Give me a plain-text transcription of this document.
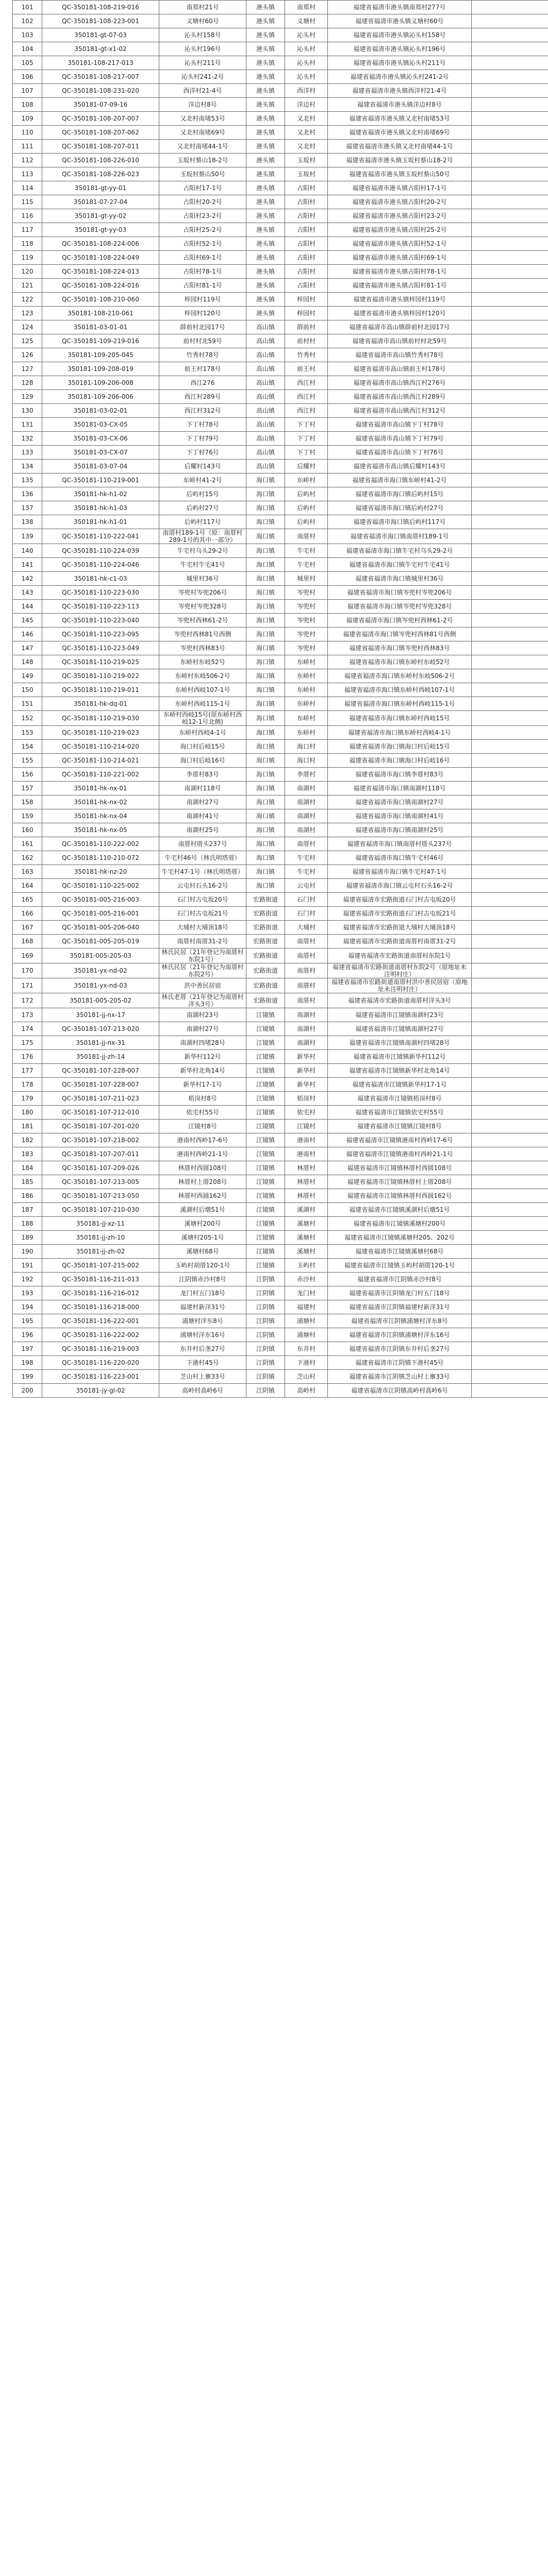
101	QC-350181-108-219-016	南郑村21号	港头镇	南郑村	福建省福清市港头镇南郑村277号	
102	QC-350181-108-223-001	义塘村60号	港头镇	义塘村	福建省福清市港头镇义塘村60号	
103	350181-gt-07-03	沁头村158号	港头镇	沁头村	福建省福清市港头镇沁头村158号	
104	350181-gt-x1-02	沁头村196号	港头镇	沁头村	福建省福清市港头镇沁头村196号	
105	350181-108-217-013	沁头村211号	港头镇	沁头村	福建省福清市港头镇沁头村211号	
106	QC-350181-108-217-007	沁头村241-2号	港头镇	沁头村	福建省福清市港头镇沁头村241-2号	
107	QC-350181-108-231-020	西洋村21-4号	港头镇	西洋村	福建省福清市港头镇西洋村21-4号	
108	350181-07-09-16	洋边村8号	港头镇	洋边村	福建省福清市港头镇洋边村8号	
109	QC-350181-108-207-007	又北村南堵53号	港头镇	又北村	福建省福清市港头镇又北村南堵53号	
110	QC-350181-108-207-062	又北村南堵69号	港头镇	又北村	福建省福清市港头镇又北村南堵69号	
111	QC-350181-108-207-011	又北村南堵44-1号	港头镇	又北村	福建省福清市港头镇又北村南堵44-1号	
112	QC-350181-108-226-010	玉坂村蔡山18-2号	港头镇	玉坂村	福建省福清市港头镇玉坂村蔡山18-2号	
113	QC-350181-108-226-023	玉坂村蔡山50号	港头镇	玉坂村	福建省福清市港头镇玉坂村蔡山50号	
114	350181-gt-yy-01	占阳村17-1号	港头镇	占阳村	福建省福清市港头镇占阳村17-1号	
115	350181-07-27-04	占阳村20-2号	港头镇	占阳村	福建省福清市港头镇占阳村20-2号	
116	350181-gt-yy-02	占阳村23-2号	港头镇	占阳村	福建省福清市港头镇占阳村23-2号	
117	350181-gt-yy-03	占阳村25-2号	港头镇	占阳村	福建省福清市港头镇占阳村25-2号	
118	QC-350181-108-224-006	占阳村52-1号	港头镇	占阳村	福建省福清市港头镇占阳村52-1号	
119	QC-350181-108-224-049	占阳村69-1号	港头镇	占阳村	福建省福清市港头镇占阳村69-1号	
120	QC-350181-108-224-013	占阳村78-1号	港头镇	占阳村	福建省福清市港头镇占阳村78-1号	
121	QC-350181-108-224-016	占阳村81-1号	港头镇	占阳村	福建省福清市港头镇占阳村81-1号	
122	QC-350181-108-210-060	梓园村119号	港头镇	梓园村	福建省福清市港头镇梓园村119号	
123	350181-108-210-061	梓园村120号	港头镇	梓园村	福建省福清市港头镇梓园村120号	
124	350181-03-01-01	薛前村北园17号	高山镇	薛前村	福建省福清市高山镇薛前村北园17号	
125	QC-350181-109-219-016	前村村北59号	高山镇	前村村	福建省福清市高山镇前村村北59号	
126	350181-109-205-045	竹秀村78号	高山镇	竹秀村	福建省福清市高山镇竹秀村78号	
127	350181-109-208-019	前王村178号	高山镇	前王村	福建省福清市高山镇前王村178号	
128	350181-109-206-008	西江276	高山镇	西江村	福建省福清市高山镇西江村276号	
129	350181-109-206-006	西江村289号	高山镇	西江村	福建省福清市高山镇西江村289号	
130	350181-03-02-01	西江村312号	高山镇	西江村	福建省福清市高山镇西江村312号	
131	350181-03-CX-05	下丁村78号	高山镇	下丁村	福建省福清市高山镇下丁村78号	
132	350181-03-CX-06	下丁村79号	高山镇	下丁村	福建省福清市高山镇下丁村79号	
133	350181-03-CX-07	下丁村76号	高山镇	下丁村	福建省福清市高山镇下丁村76号	
134	350181-03-07-04	后耀村143号	高山镇	后耀村	福建省福清市高山镇后耀村143号	
135	QC-350181-110-219-001	东峤村41-2号	海口镇	东峤村	福建省福清市海口镇东峤村41-2号	
136	350181-hk-h1-02	后屿村15号	海口镇	后屿村	福建省福清市海口镇后屿村15号	
137	350181-hk-h1-03	后屿村27号	海口镇	后屿村	福建省福清市海口镇后屿村27号	
138	350181-hk-h1-01	后屿村117号	海口镇	后屿村	福建省福清市海口镇后屿村117号	
139	QC-350181-110-222-041	南厝村189-1号（原：南厝村289-1号的其中一部分）	海口镇	南厝村	福建省福清市海口镇南厝村189-1号	
140	QC-350181-110-224-039	牛宅村乌头29-2号	海口镇	牛宅村	福建省福清市海口镇牛宅村乌头29-2号	
141	QC-350181-110-224-046	牛宅村牛宅41号	海口镇	牛宅村	福建省福清市海口镇牛宅村牛宅41号	
142	350181-hk-c1-03	城里村36号	海口镇	城里村	福建省福清市海口镇城里村36号	
143	QC-350181-110-223-030	岑兜村岑兜206号	海口镇	岑兜村	福建省福清市海口镇岑兜村岑兜206号	
144	QC-350181-110-223-113	岑兜村岑兜328号	海口镇	岑兜村	福建省福清市海口镇岑兜村岑兜328号	
145	QC-350181-110-223-040	岑兜村西林61-2号	海口镇	岑兜村	福建省福清市海口镇岑兜村西林61-2号	
146	QC-350181-110-223-095	岑兜村西林81号西侧	海口镇	岑兜村	福建省福清市海口镇岑兜村西林81号西侧	
147	QC-350181-110-223-049	岑兜村西林83号	海口镇	岑兜村	福建省福清市海口镇岑兜村西林83号	
148	QC-350181-110-219-025	东峤村东岐52号	海口镇	东峤村	福建省福清市海口镇东峤村东岐52号	
149	QC-350181-110-219-022	东峤村东岐506-2号	海口镇	东峤村	福建省福清市海口镇东峤村东岐506-2号	
150	QC-350181-110-219-011	东峤村西岐107-1号	海口镇	东峤村	福建省福清市海口镇东峤村西岐107-1号	
151	350181-hk-dq-01	东峤村西岐115-1号	海口镇	东峤村	福建省福清市海口镇东峤村西岐115-1号	
152	QC-350181-110-219-030	东峤村西岐15号(原东峤村西岐12-1号北侧)	海口镇	东峤村	福建省福清市海口镇东峤村西岐15号	
153	QC-350181-110-219-023	东峤村西岐4-1号	海口镇	东峤村	福建省福清市海口镇东峤村西岐4-1号	
154	QC-350181-110-214-020	海口村后岐15号	海口镇	海口村	福建省福清市海口镇海口村后岐15号	
155	QC-350181-110-214-021	海口村后岐16号	海口镇	海口村	福建省福清市海口镇海口村后岐16号	
156	QC-350181-110-221-002	李厝村83号	海口镇	李厝村	福建省福清市海口镇李厝村83号	
157	350181-hk-nx-01	南湖村118号	海口镇	南湖村	福建省福清市海口镇南湖村118号	
158	350181-hk-nx-02	南湖村27号	海口镇	南湖村	福建省福清市海口镇南湖村27号	
159	350181-hk-nx-04	南湖村41号	海口镇	南湖村	福建省福清市海口镇南湖村41号	
160	350181-hk-nx-05	南湖村25号	海口镇	南湖村	福建省福清市海口镇南湖村25号	
161	QC-350181-110-222-002	南厝村厝头237号	海口镇	南厝村	福建省福清市海口镇南厝村厝头237号	
162	QC-350181-110-210-072	牛宅村46号（林氏明塔厝）	海口镇	牛宅村	福建省福清市海口镇牛宅村46号	
163	350181-hk-nz-20	牛宅村47-1号（林氏明塔厝）	海口镇	牛宅村	福建省福清市海口镇牛宅村47-1号	
164	QC-350181-110-225-002	云屯村石头16-2号	海口镇	云屯村	福建省福清市海口镇云屯村石头16-2号	
165	QC-350181-005-216-003	石门村古屯坂20号	宏路街道	石门村	福建省福清市宏路街道石门村古屯坂20号	
166	QC-350181-005-216-001	石门村古屯坂21号	宏路街道	石门村	福建省福清市宏路街道石门村古屯坂21号	
167	QC-350181-005-206-040	大埔村大埔顶18号	宏路街道	大埔村	福建省福清市宏路街道大埔村大埔顶18号	
168	QC-350181-005-205-019	南厝村南厝31-2号	宏路街道	南厝村	福建省福清市宏路街道南厝村南厝31-2号	
169	350181-005-205-03	林氏民居（21年登记为南厝村东院1号）	宏路街道	南厝村	福建省福清市宏路街道南厝村东院1号	
170	350181-yx-nd-02	林氏民居（21年登记为南厝村东院2号）	宏路街道	南厝村	福建省福清市宏路街道南厝村东院2号（原地址未注明村庄）	
171	350181-yx-nd-03	洪中善民居宿	宏路街道	南厝村	福建省福清市宏路街道南厝村洪中善民居宿（原地址未注明村庄）	
172	350181-005-205-02	林氏老厝（21年登记为南厝村洋头3号）	宏路街道	南厝村	福建省福清市宏路街道南厝村洋头3号	
173	350181-jj-nx-17	南湖村23号	江镜镇	南湖村	福建省福清市江镜镇南湖村23号	
174	QC-350181-107-213-020	南湖村27号	江镜镇	南湖村	福建省福清市江镜镇南湖村27号	
175	350181-jj-nx-31	南湖村四堵28号	江镜镇	南湖村	福建省福清市江镜镇南湖村四堵28号	
176	350181-jj-zh-14	新华村112号	江镜镇	新华村	福建省福清市江镜镇新华村112号	
177	QC-350181-107-228-007	新华村北角14号	江镜镇	新华村	福建省福清市江镜镇新华村北角14号	
178	QC-350181-107-228-007	新华村17-1号	江镜镇	新华村	福建省福清市江镜镇新华村17-1号	
179	QC-350181-107-211-023	梧岗村8号	江镜镇	梧岗村	福建省福清市江镜镇梧岗村8号	
180	QC-350181-107-212-010	依宅村55号	江镜镇	依宅村	福建省福清市江镜镇依宅村55号	
181	QC-350181-107-201-020	江镜村8号	江镜镇	江镜村	福建省福清市江镜镇江镜村8号	
182	QC-350181-107-218-002	港南村西岭17-6号	江镜镇	港南村	福建省福清市江镜镇港南村西岭17-6号	
183	QC-350181-107-207-011	港南村西岭21-1号	江镜镇	港南村	福建省福清市江镜镇港南村西岭21-1号	
184	QC-350181-107-209-026	林厝村西圆108号	江镜镇	林厝村	福建省福清市江镜镇林厝村西圆108号	
185	QC-350181-107-213-005	林厝村上厝208号	江镜镇	林厝村	福建省福清市江镜镇林厝村上厝208号	
186	QC-350181-107-213-050	林厝村西圆162号	江镜镇	林厝村	福建省福清市江镜镇林厝村西圆162号	
187	QC-350181-107-210-030	溪湖村后墩51号	江镜镇	溪湖村	福建省福清市江镜镇溪湖村后墩51号	
188	350181-jj-xz-11	溪塘村200号	江镜镇	溪塘村	福建省福清市江镜镇溪塘村200号	
189	350181-jj-zh-10	溪塘村205-1号	江镜镇	溪塘村	福建省福清市江镜镇溪塘村205、202号	
190	350181-jj-zh-02	溪塘村68号	江镜镇	溪塘村	福建省福清市江镜镇溪塘村68号	
191	QC-350181-107-215-002	玉屿村胡厝120-1号	江镜镇	玉屿村	福建省福清市江镜镇玉屿村胡厝120-1号	
192	QC-350181-116-211-013	江阴镇赤沙村8号	江阴镇	赤沙村	福建省福清市江阴镇赤沙村8号	
193	QC-350181-116-216-012	龙门村五门18号	江阴镇	龙门村	福建省福清市江阴镇龙门村五门18号	
194	QC-350181-116-218-000	福建村新洋31号	江阴镇	福建村	福建省福清市江阴镇福建村新洋31号	
195	QC-350181-116-222-001	浦塘村洋东8号	江阴镇	浦塘村	福建省福清市江阴镇浦塘村洋东8号	
196	QC-350181-116-222-002	浦塘村洋东16号	江阴镇	浦塘村	福建省福清市江阴镇浦塘村洋东16号	
197	QC-350181-116-219-003	东井村后垄27号	江阴镇	东井村	福建省福清市江阴镇东井村后垄27号	
198	QC-350181-116-220-020	下港村45号	江阴镇	下港村	福建省福清市江阴镇下港村45号	
199	QC-350181-116-223-001	芝山村上寨33号	江阴镇	芝山村	福建省福清市江阴镇芝山村上寨33号	
200	350181-jy-gl-02	高岭村高岭6号	江阴镇	高岭村	福建省福清市江阴镇高岭村高岭6号	
